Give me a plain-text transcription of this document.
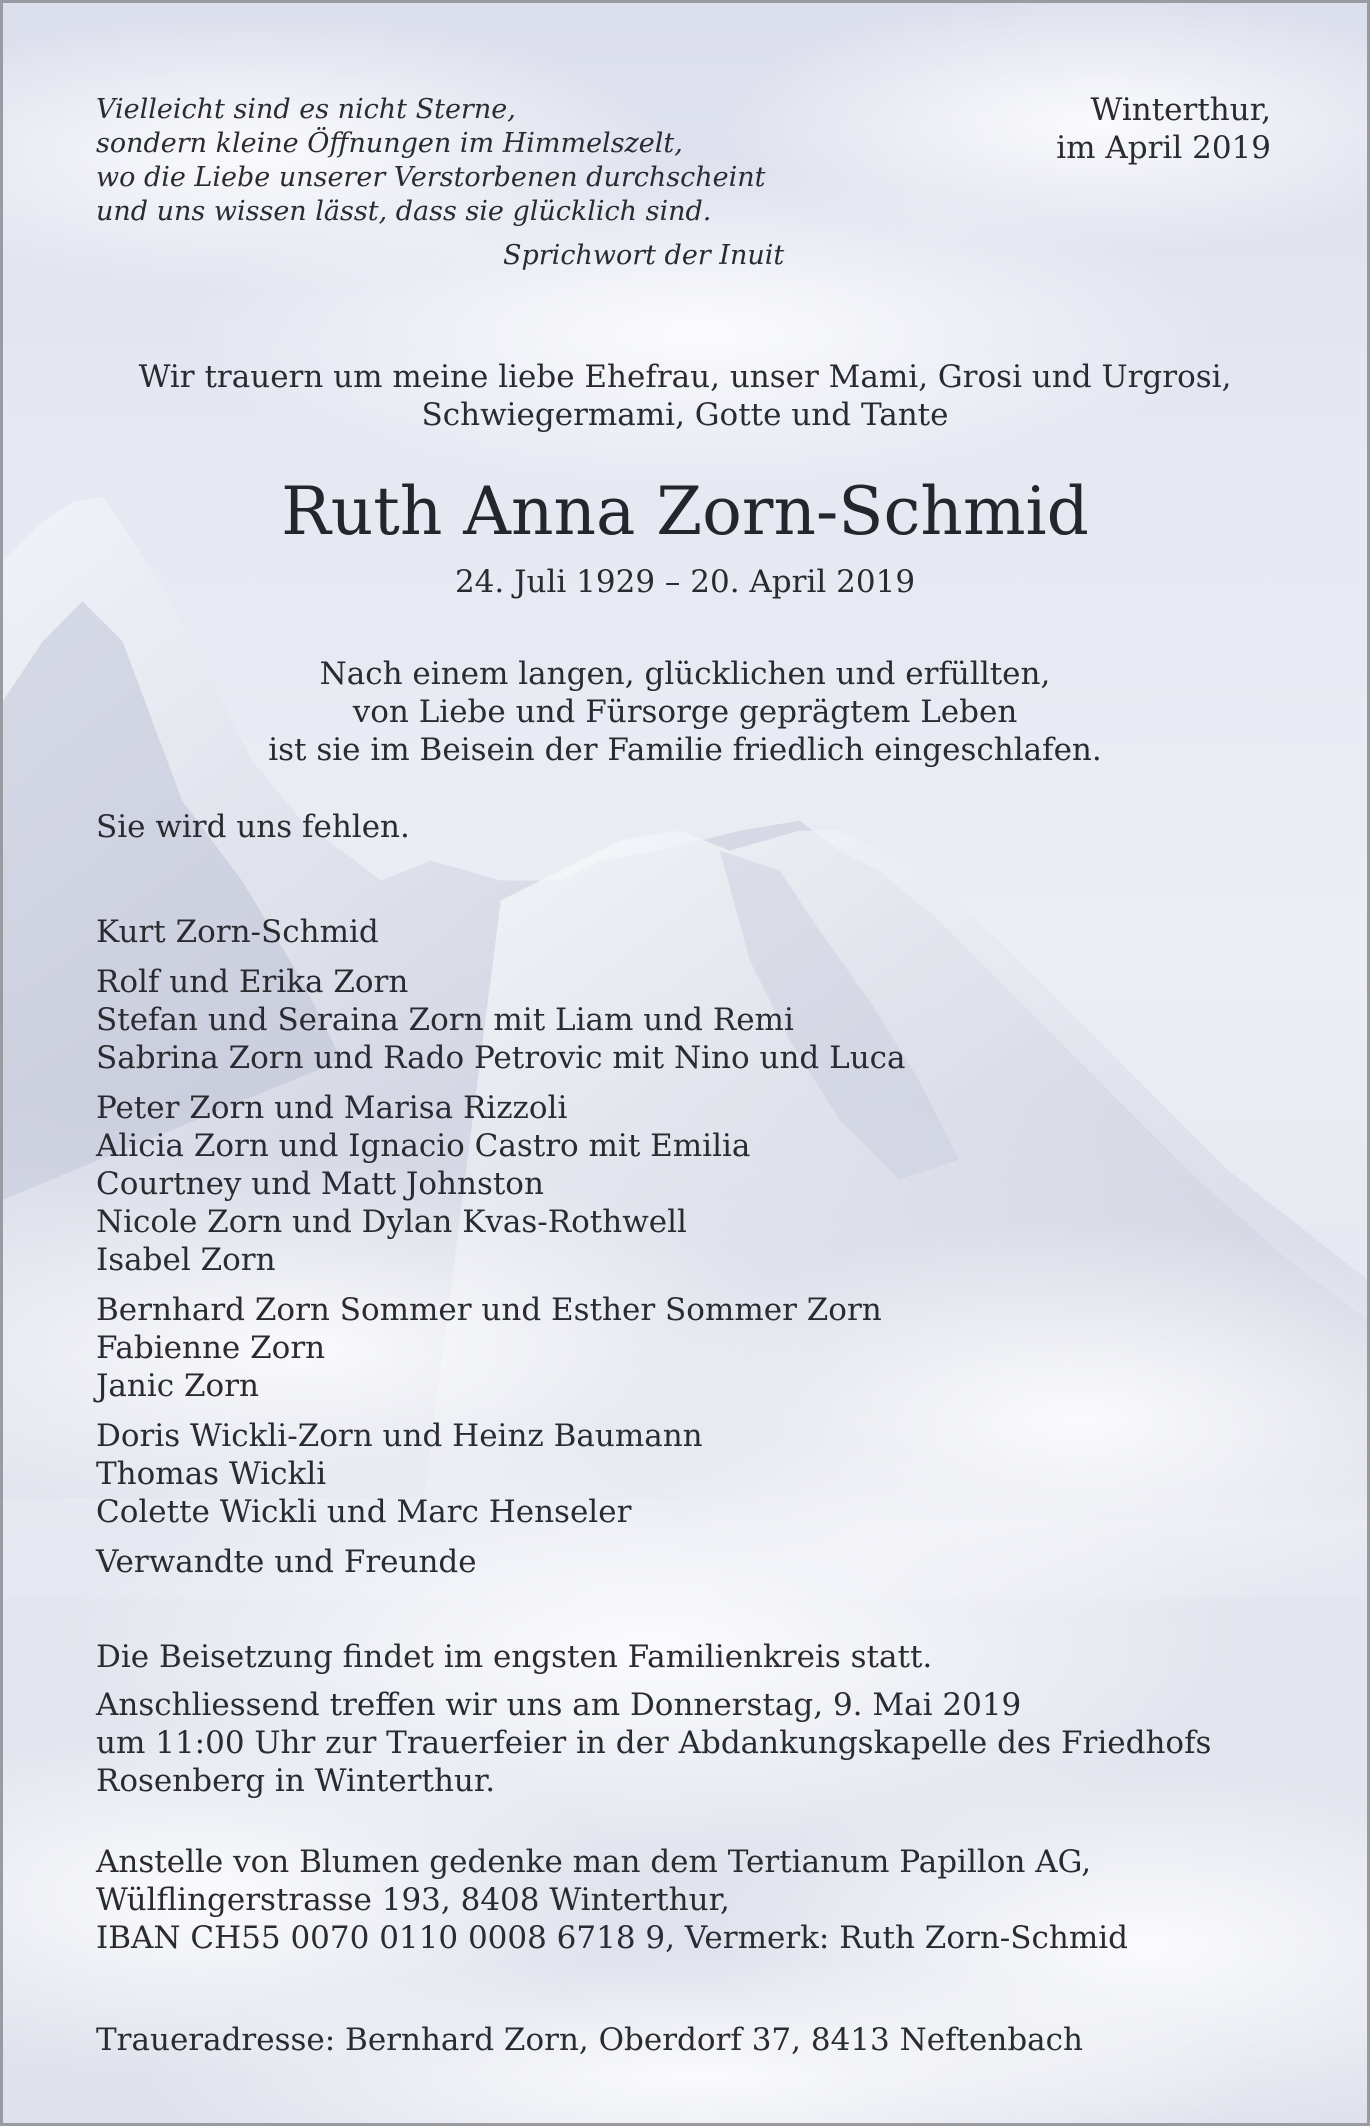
Vielleicht sind es nicht Sterne,
sondern kleine Öffnungen im Himmelszelt,
wo die Liebe unserer Verstorbenen durchscheint
und uns wissen lässt, dass sie glücklich sind.
Sprichwort der Inuit
Winterthur,
im April 2019
Wir trauern um meine liebe Ehefrau, unser Mami, Grosi und Urgrosi,
Schwiegermami, Gotte und Tante
Ruth Anna Zorn-Schmid
24. Juli 1929 – 20. April 2019
Nach einem langen, glücklichen und erfüllten,
von Liebe und Fürsorge geprägtem Leben
ist sie im Beisein der Familie friedlich eingeschlafen.
Sie wird uns fehlen.
Kurt Zorn-Schmid
Rolf und Erika Zorn
Stefan und Seraina Zorn mit Liam und Remi
Sabrina Zorn und Rado Petrovic mit Nino und Luca
Peter Zorn und Marisa Rizzoli
Alicia Zorn und Ignacio Castro mit Emilia
Courtney und Matt Johnston
Nicole Zorn und Dylan Kvas-Rothwell
Isabel Zorn
Bernhard Zorn Sommer und Esther Sommer Zorn
Fabienne Zorn
Janic Zorn
Doris Wickli-Zorn und Heinz Baumann
Thomas Wickli
Colette Wickli und Marc Henseler
Verwandte und Freunde
Die Beisetzung findet im engsten Familienkreis statt.
Anschliessend treffen wir uns am Donnerstag, 9. Mai 2019
um 11:00 Uhr zur Trauerfeier in der Abdankungskapelle des Friedhofs
Rosenberg in Winterthur.
Anstelle von Blumen gedenke man dem Tertianum Papillon AG,
Wülflingerstrasse 193, 8408 Winterthur,
IBAN CH55 0070 0110 0008 6718 9, Vermerk: Ruth Zorn-Schmid
Traueradresse: Bernhard Zorn, Oberdorf 37, 8413 Neftenbach
